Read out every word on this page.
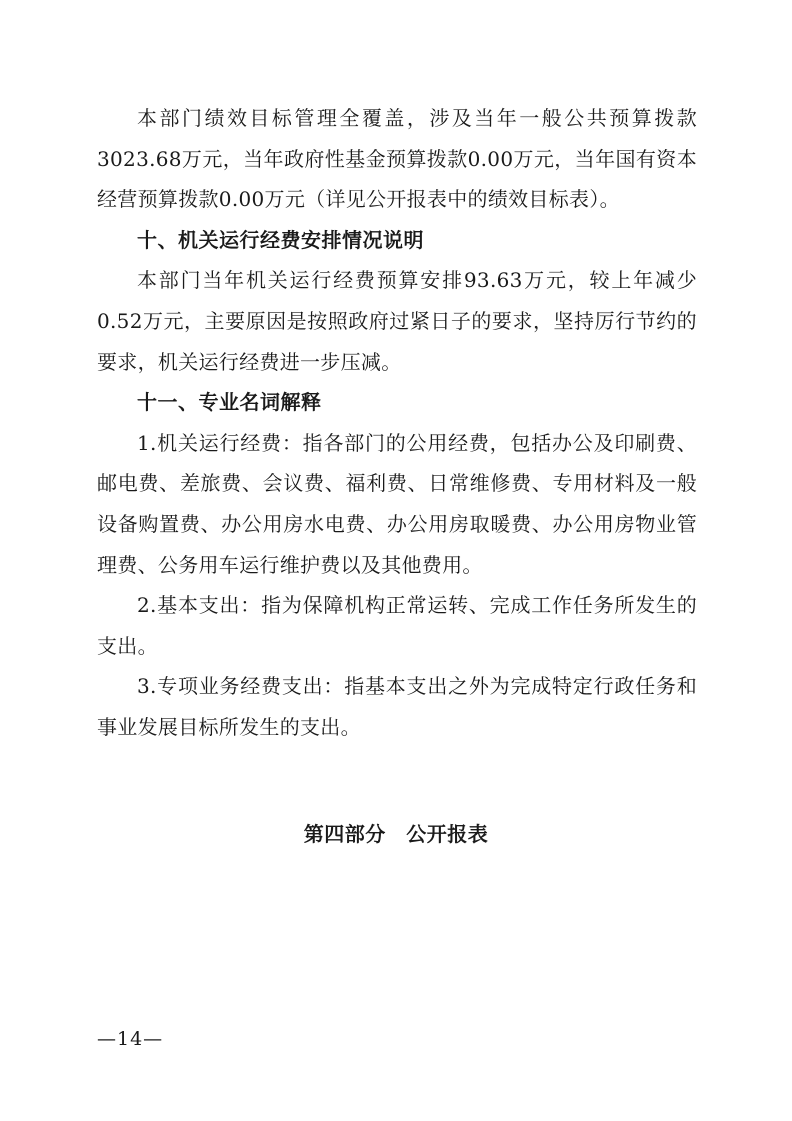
本部门绩效目标管理全覆盖，涉及当年一般公共预算拨款3023.68万元，当年政府性基金预算拨款0.00万元，当年国有资本经营预算拨款0.00万元（详见公开报表中的绩效目标表）。

十、机关运行经费安排情况说明

本部门当年机关运行经费预算安排93.63万元，较上年减少0.52万元，主要原因是按照政府过紧日子的要求，坚持厉行节约的要求，机关运行经费进一步压减。

十一、专业名词解释

1.机关运行经费：指各部门的公用经费，包括办公及印刷费、邮电费、差旅费、会议费、福利费、日常维修费、专用材料及一般设备购置费、办公用房水电费、办公用房取暖费、办公用房物业管理费、公务用车运行维护费以及其他费用。

2.基本支出：指为保障机构正常运转、完成工作任务所发生的支出。

3.专项业务经费支出：指基本支出之外为完成特定行政任务和事业发展目标所发生的支出。

第四部分　公开报表
—14—
